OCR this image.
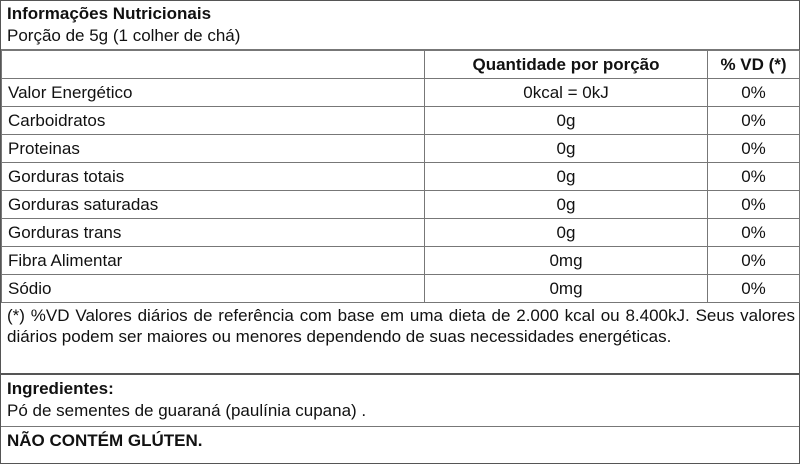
Informações Nutricionais
Porção de 5g (1 colher de chá)
	Quantidade por porção	% VD (*)
Valor Energético	0kcal = 0kJ	0%
Carboidratos	0g	0%
Proteinas	0g	0%
Gorduras totais	0g	0%
Gorduras saturadas	0g	0%
Gorduras trans	0g	0%
Fibra Alimentar	0mg	0%
Sódio	0mg	0%
(*) %VD Valores diários de referência com base em uma dieta de 2.000 kcal ou 8.400kJ. Seus valores diários podem ser maiores ou menores dependendo de suas necessidades energéticas.
Ingredientes:
Pó de sementes de guaraná (paulínia cupana) .
NÃO CONTÉM GLÚTEN.
